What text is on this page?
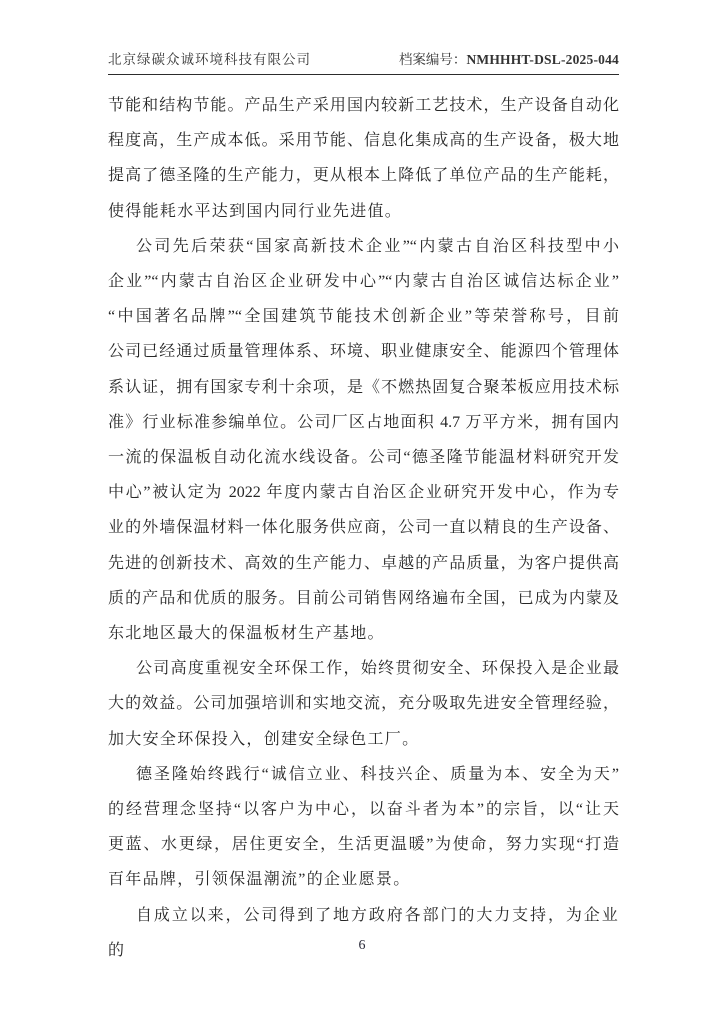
北京绿碳众诚环境科技有限公司	档案编号：NMHHHT-DSL-2025-044
节能和结构节能。产品生产采用国内较新工艺技术，生产设备自动化
程度高，生产成本低。采用节能、信息化集成高的生产设备，极大地
提高了德圣隆的生产能力，更从根本上降低了单位产品的生产能耗，
使得能耗水平达到国内同行业先进值。
公司先后荣获“国家高新技术企业”“内蒙古自治区科技型中小
企业”“内蒙古自治区企业研发中心”“内蒙古自治区诚信达标企业”
“中国著名品牌”“全国建筑节能技术创新企业”等荣誉称号，目前
公司已经通过质量管理体系、环境、职业健康安全、能源四个管理体
系认证，拥有国家专利十余项，是《不燃热固复合聚苯板应用技术标
准》行业标准参编单位。公司厂区占地面积 4.7 万平方米，拥有国内
一流的保温板自动化流水线设备。公司“德圣隆节能温材料研究开发
中心”被认定为 2022 年度内蒙古自治区企业研究开发中心，作为专
业的外墙保温材料一体化服务供应商，公司一直以精良的生产设备、
先进的创新技术、高效的生产能力、卓越的产品质量，为客户提供高
质的产品和优质的服务。目前公司销售网络遍布全国，已成为内蒙及
东北地区最大的保温板材生产基地。
公司高度重视安全环保工作，始终贯彻安全、环保投入是企业最
大的效益。公司加强培训和实地交流，充分吸取先进安全管理经验，
加大安全环保投入，创建安全绿色工厂。
德圣隆始终践行“诚信立业、科技兴企、质量为本、安全为天”
的经营理念坚持“以客户为中心，以奋斗者为本”的宗旨，以“让天
更蓝、水更绿，居住更安全，生活更温暖”为使命，努力实现“打造
百年品牌，引领保温潮流”的企业愿景。
自成立以来，公司得到了地方政府各部门的大力支持，为企业的	6
